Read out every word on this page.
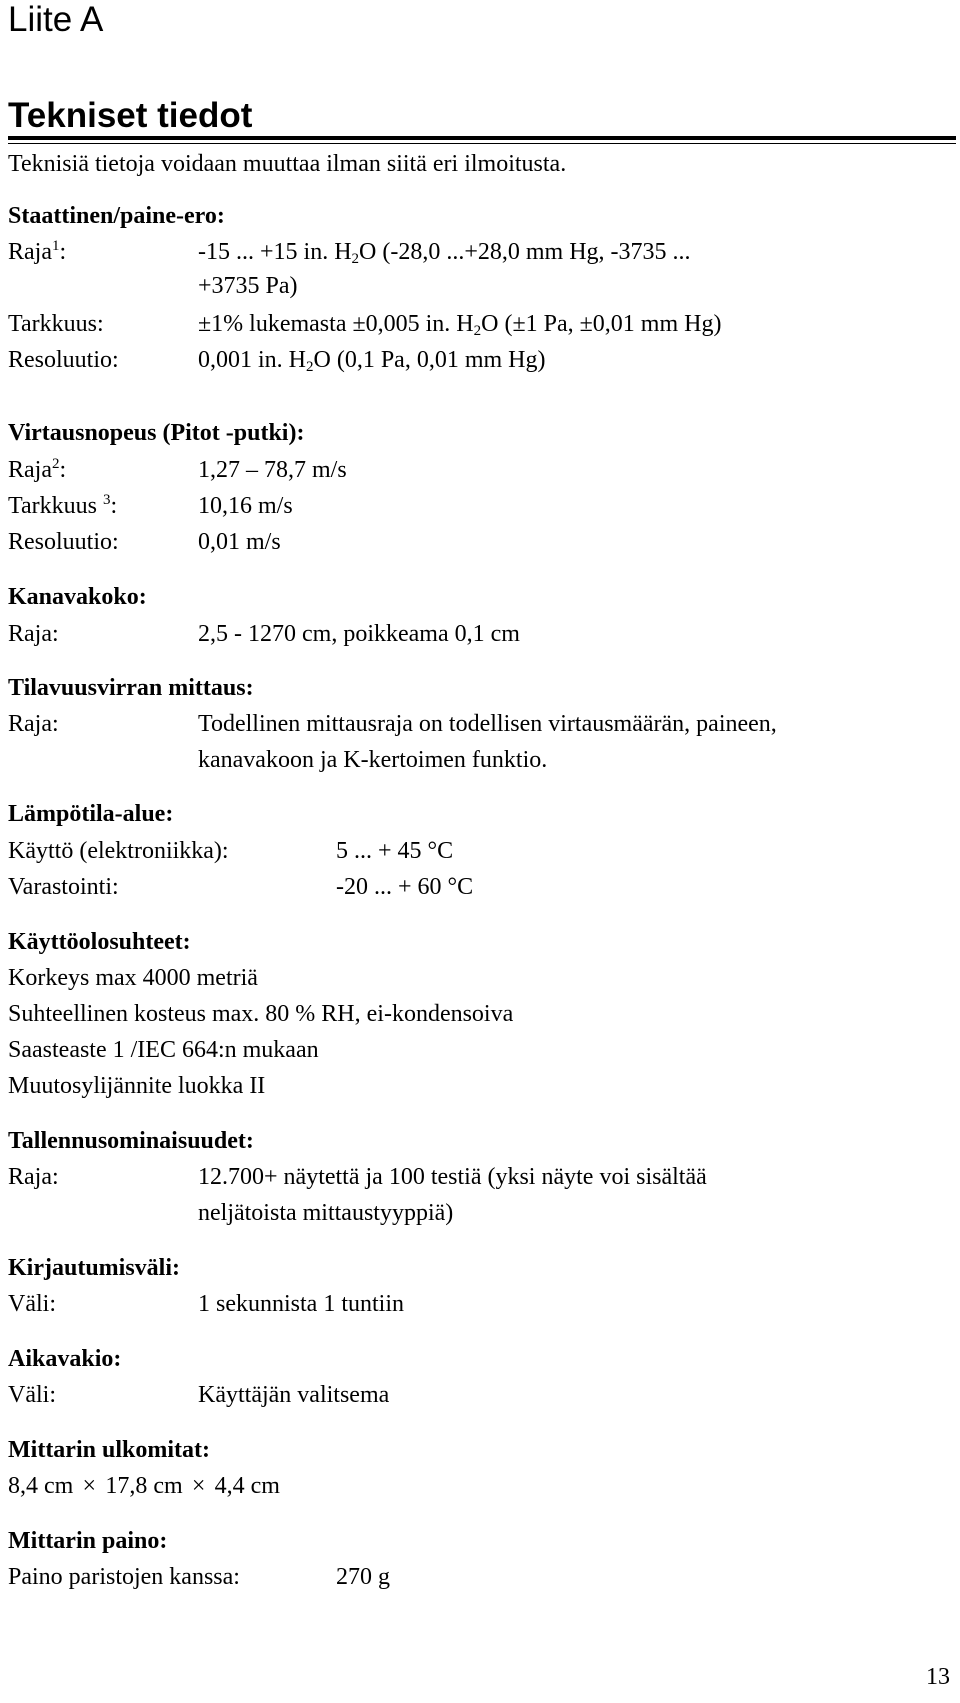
Liite A
Tekniset tiedot
Teknisiä tietoja voidaan muuttaa ilman siitä eri ilmoitusta.
Staattinen/paine-ero:
Raja$^1$:	-15 ... +15 in. $H_2O$ (-28,0 ...+28,0 mm Hg, -3735 ...
+3735 Pa)
Tarkkuus:	±1% lukemasta ±0,005 in. $H_2O$ (±1 Pa, ±0,01 mm Hg)
Resoluutio:	0,001 in. $H_2O$ (0,1 Pa, 0,01 mm Hg)
Virtausnopeus (Pitot -putki):
Raja$^2$:	1,27 – 78,7 m/s
Tarkkuus $^3$:	10,16 m/s
Resoluutio:	0,01 m/s
Kanavakoko:
Raja:	2,5 - 1270 cm, poikkeama 0,1 cm
Tilavuusvirran mittaus:
Raja:	Todellinen mittausraja on todellisen virtausmäärän, paineen,
kanavakoon ja K-kertoimen funktio.
Lämpötila-alue:
Käyttö (elektroniikka):	5 ... + 45 °C
Varastointi:	-20 ... + 60 °C
Käyttöolosuhteet:
Korkeys max 4000 metriä
Suhteellinen kosteus max. 80 % RH, ei-kondensoiva
Saasteaste 1 /IEC 664:n mukaan
Muutosylijännite luokka II
Tallennusominaisuudet:
Raja:	12.700+ näytettä ja 100 testiä (yksi näyte voi sisältää
neljätoista mittaustyyppiä)
Kirjautumisväli:
Väli:	1 sekunnista 1 tuntiin
Aikavakio:
Väli:	Käyttäjän valitsema
Mittarin ulkomitat:
8,4 cm × 17,8 cm × 4,4 cm
Mittarin paino:
Paino paristojen kanssa:	270 g
13
